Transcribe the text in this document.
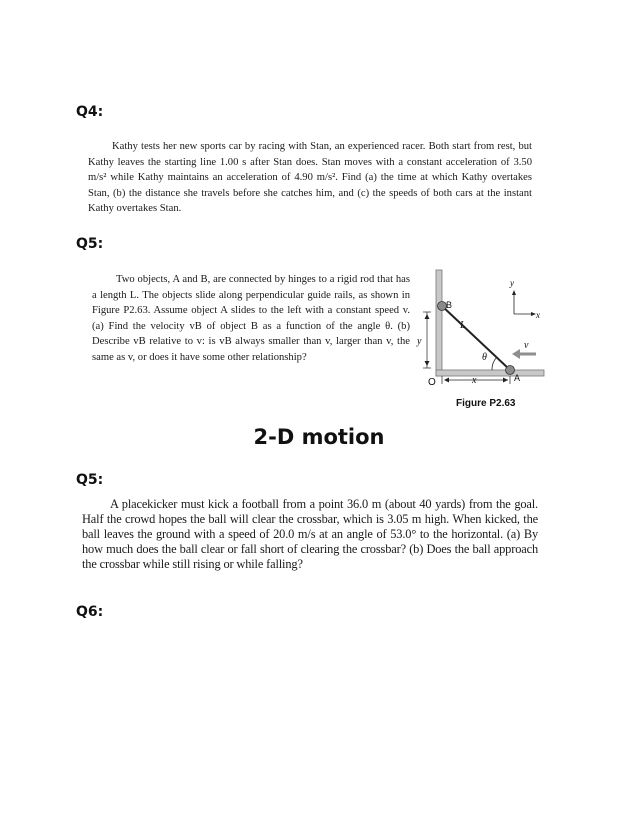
Q4:

Kathy tests her new sports car by racing with Stan, an experienced racer. Both start from rest, but Kathy leaves the starting line 1.00 s after Stan does. Stan moves with a constant acceleration of 3.50 m/s² while Kathy maintains an acceleration of 4.90 m/s². Find (a) the time at which Kathy overtakes Stan, (b) the distance she travels before she catches him, and (c) the speeds of both cars at the instant Kathy overtakes Stan.

Q5:

Two objects, A and B, are connected by hinges to a rigid rod that has a length L. The objects slide along perpendicular guide rails, as shown in Figure P2.63. Assume object A slides to the left with a constant speed v. (a) Find the velocity vB of object B as a function of the angle θ. (b) Describe vB relative to v: is vB always smaller than v, larger than v, the same as v, or does it have some other relationship?

B
A
L
θ
v
y
x
y
x
O
Figure P2.63
2-D motion
Q5:

A placekicker must kick a football from a point 36.0 m (about 40 yards) from the goal. Half the crowd hopes the ball will clear the crossbar, which is 3.05 m high. When kicked, the ball leaves the ground with a speed of 20.0 m/s at an angle of 53.0° to the horizontal. (a) By how much does the ball clear or fall short of clearing the crossbar? (b) Does the ball approach the crossbar while still rising or while falling?

Q6:
